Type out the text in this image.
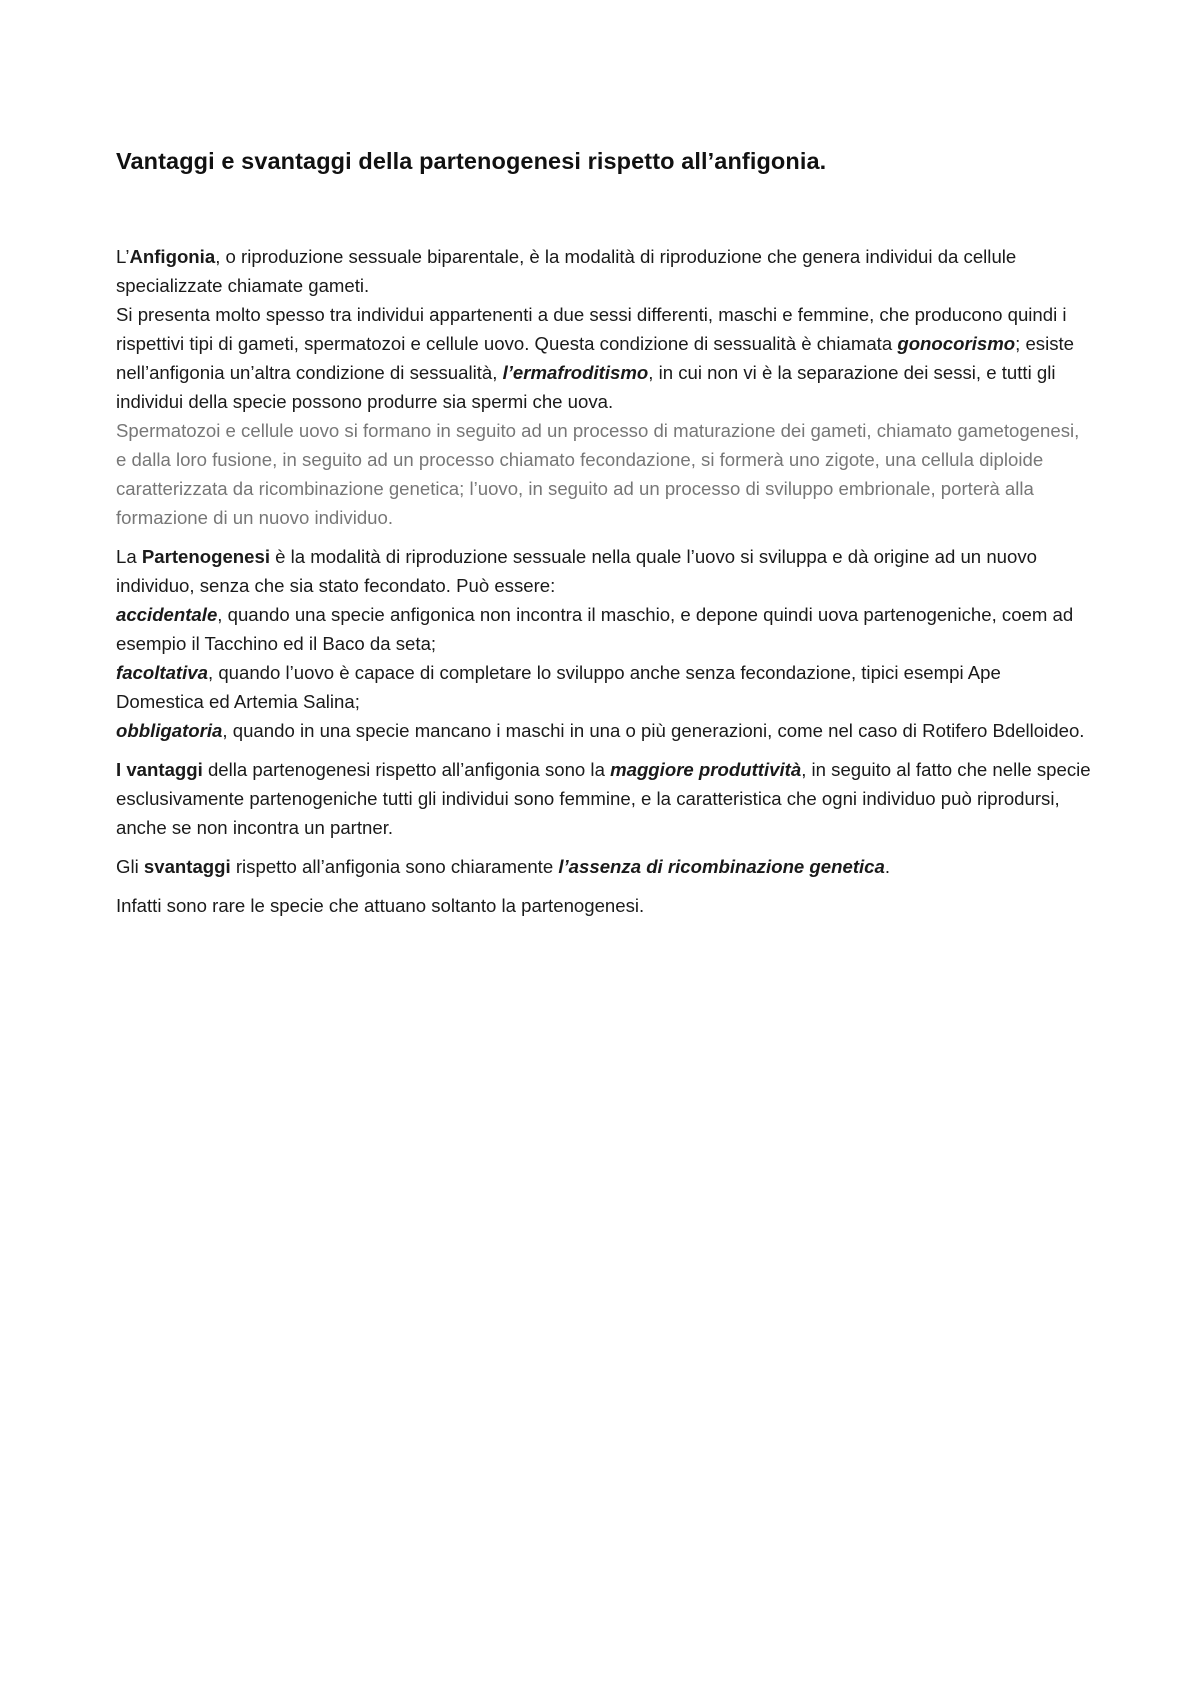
Vantaggi e svantaggi della partenogenesi rispetto all’anfigonia.

L’Anfigonia, o riproduzione sessuale biparentale, è la modalità di riproduzione che genera individui da cellule specializzate chiamate gameti.
Si presenta molto spesso tra individui appartenenti a due sessi differenti, maschi e femmine, che producono quindi i rispettivi tipi di gameti, spermatozoi e cellule uovo. Questa condizione di sessualità è chiamata gonocorismo; esiste nell’anfigonia un’altra condizione di sessualità, l’ermafroditismo, in cui non vi è la separazione dei sessi, e tutti gli individui della specie possono produrre sia spermi che uova.

Spermatozoi e cellule uovo si formano in seguito ad un processo di maturazione dei gameti, chiamato gametogenesi, e dalla loro fusione, in seguito ad un processo chiamato fecondazione, si formerà uno zigote, una cellula diploide caratterizzata da ricombinazione genetica; l’uovo, in seguito ad un processo di sviluppo embrionale, porterà alla formazione di un nuovo individuo.

La Partenogenesi è la modalità di riproduzione sessuale nella quale l’uovo si sviluppa e dà origine ad un nuovo individuo, senza che sia stato fecondato. Può essere:
accidentale, quando una specie anfigonica non incontra il maschio, e depone quindi uova partenogeniche, coem ad esempio il Tacchino ed il Baco da seta;
facoltativa, quando l’uovo è capace di completare lo sviluppo anche senza fecondazione, tipici esempi Ape Domestica ed Artemia Salina;
obbligatoria, quando in una specie mancano i maschi in una o più generazioni, come nel caso di Rotifero Bdelloideo.

I vantaggi della partenogenesi rispetto all’anfigonia sono la maggiore produttività, in seguito al fatto che nelle specie esclusivamente partenogeniche tutti gli individui sono femmine, e la caratteristica che ogni individuo può riprodursi, anche se non incontra un partner.

Gli svantaggi rispetto all’anfigonia sono chiaramente l’assenza di ricombinazione genetica.

Infatti sono rare le specie che attuano soltanto la partenogenesi.
